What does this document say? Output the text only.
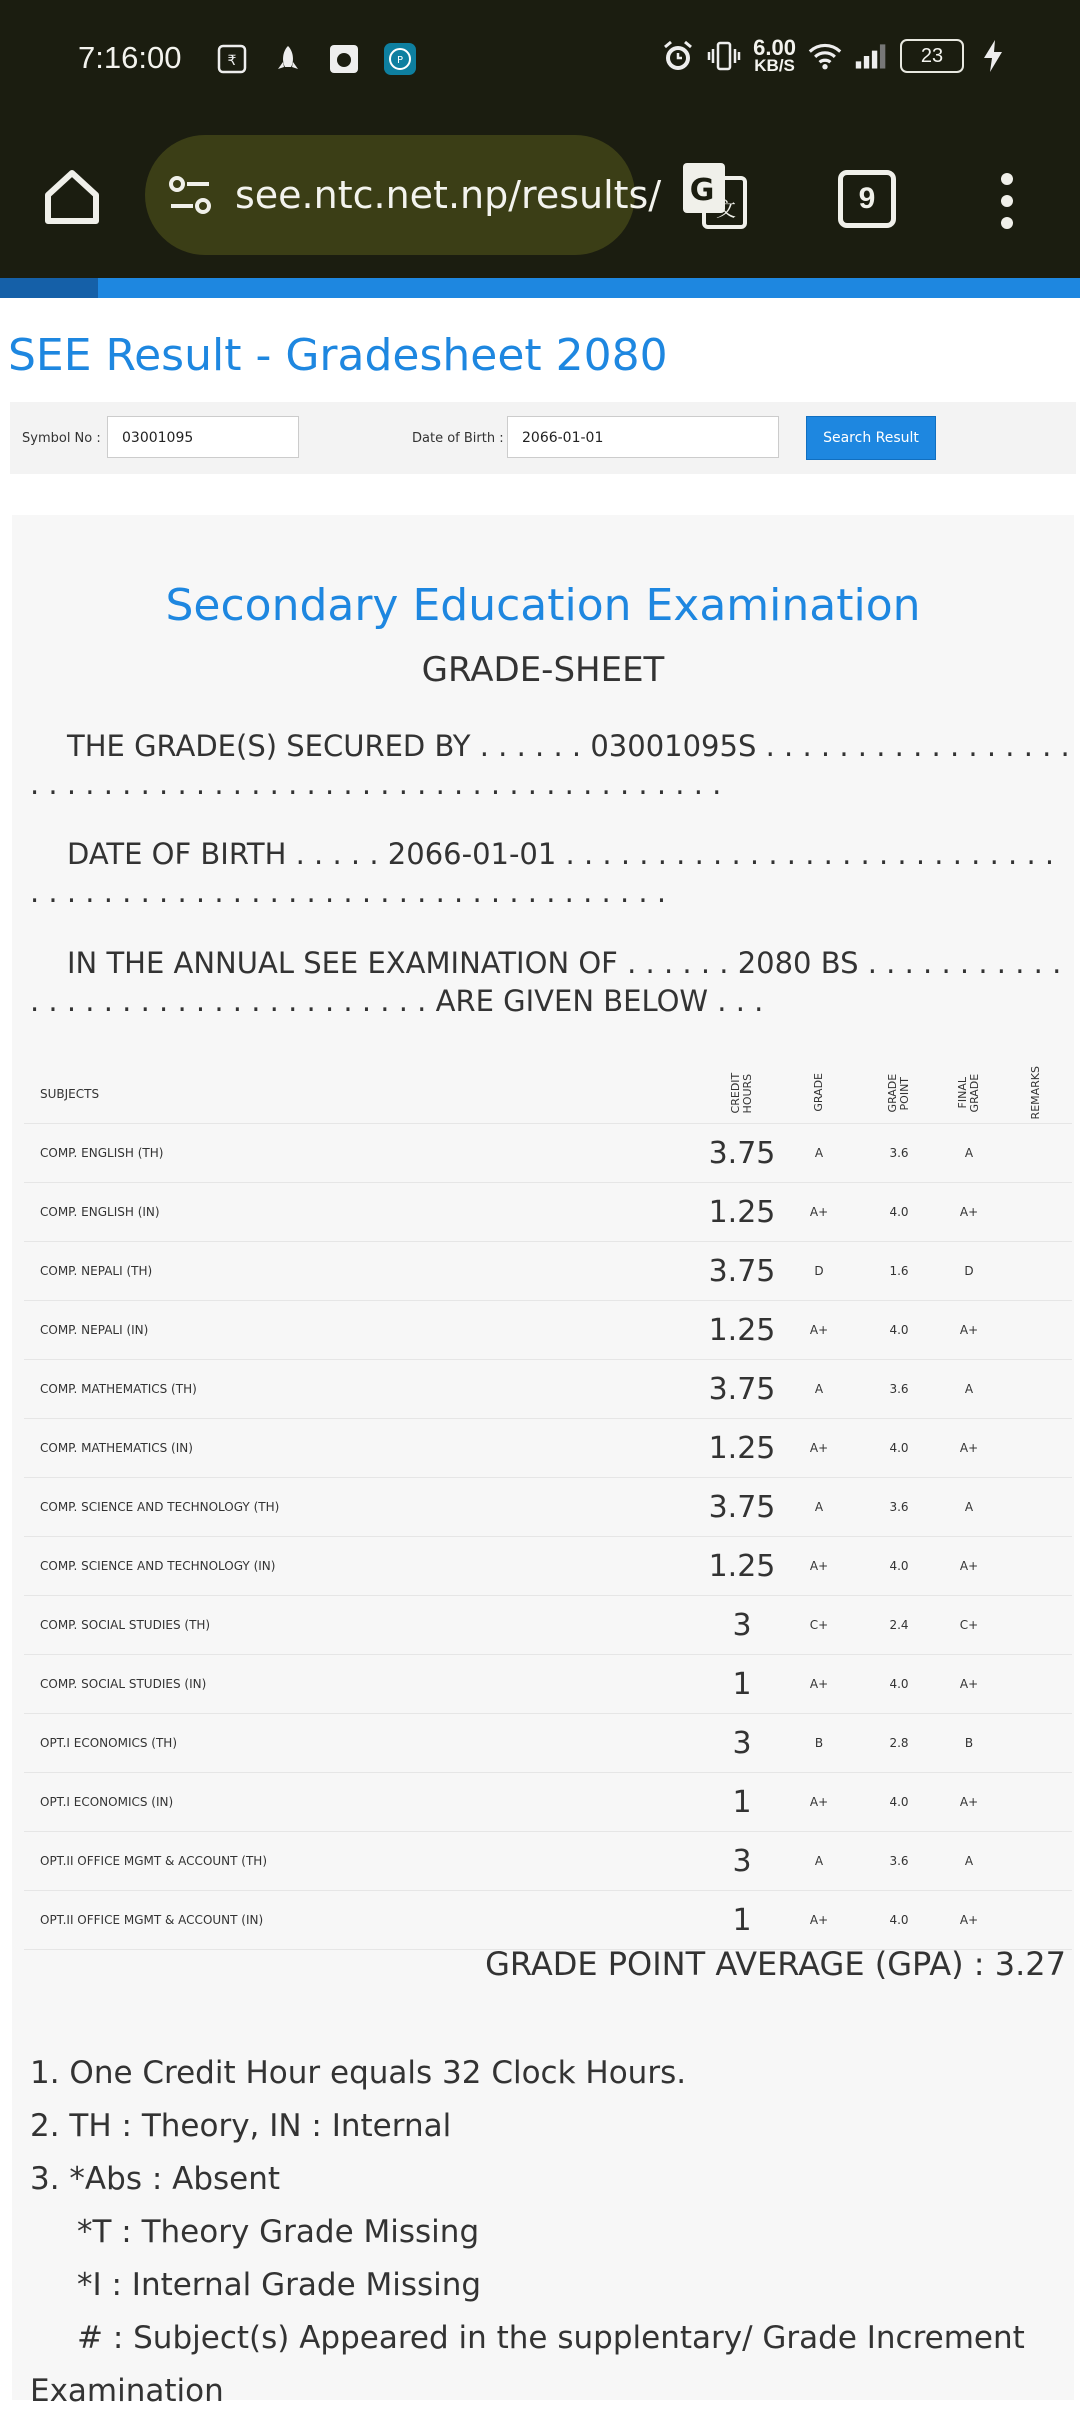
7:16:00	₹	P
6.00
KB/S	23
see.ntc.net.np/results/ G
文	9
SEE Result - Gradesheet 2080
Symbol No :	03001095	Date of Birth :	2066-01-01	Search Result
Secondary Education Examination
GRADE-SHEET
THE GRADE(S) SECURED BY . . . . . . 03001095S . . . . . . . . . . . . . . . . . . . . . . . . . . . . . . . . . . . . . . . . . . . . . . . . . . . . . . .
DATE OF BIRTH . . . . . 2066-01-01 . . . . . . . . . . . . . . . . . . . . . . . . . . . . . . . . . . . . . . . . . . . . . . . . . . . . . . . . . . . . . .
IN THE ANNUAL SEE EXAMINATION OF . . . . . . 2080 BS . . . . . . . . . . . . . . . . . . . . . . . . . . . . . . . . . ARE GIVEN BELOW . . .
SUBJECTS	CREDIT HOURS	GRADE	GRADE POINT	FINAL GRADE	REMARKS
COMP. ENGLISH (TH)	3.75	A	3.6	A	
COMP. ENGLISH (IN)	1.25	A+	4.0	A+	
COMP. NEPALI (TH)	3.75	D	1.6	D	
COMP. NEPALI (IN)	1.25	A+	4.0	A+	
COMP. MATHEMATICS (TH)	3.75	A	3.6	A	
COMP. MATHEMATICS (IN)	1.25	A+	4.0	A+	
COMP. SCIENCE AND TECHNOLOGY (TH)	3.75	A	3.6	A	
COMP. SCIENCE AND TECHNOLOGY (IN)	1.25	A+	4.0	A+	
COMP. SOCIAL STUDIES (TH)	3	C+	2.4	C+	
COMP. SOCIAL STUDIES (IN)	1	A+	4.0	A+	
OPT.I ECONOMICS (TH)	3	B	2.8	B	
OPT.I ECONOMICS (IN)	1	A+	4.0	A+	
OPT.II OFFICE MGMT & ACCOUNT (TH)	3	A	3.6	A	
OPT.II OFFICE MGMT & ACCOUNT (IN)	1	A+	4.0	A+	
GRADE POINT AVERAGE (GPA) : 3.27
1. One Credit Hour equals 32 Clock Hours.
2. TH : Theory, IN : Internal
3. *Abs : Absent
*T : Theory Grade Missing
*I : Internal Grade Missing
# : Subject(s) Appeared in the supplentary/ Grade Increment
Examination
